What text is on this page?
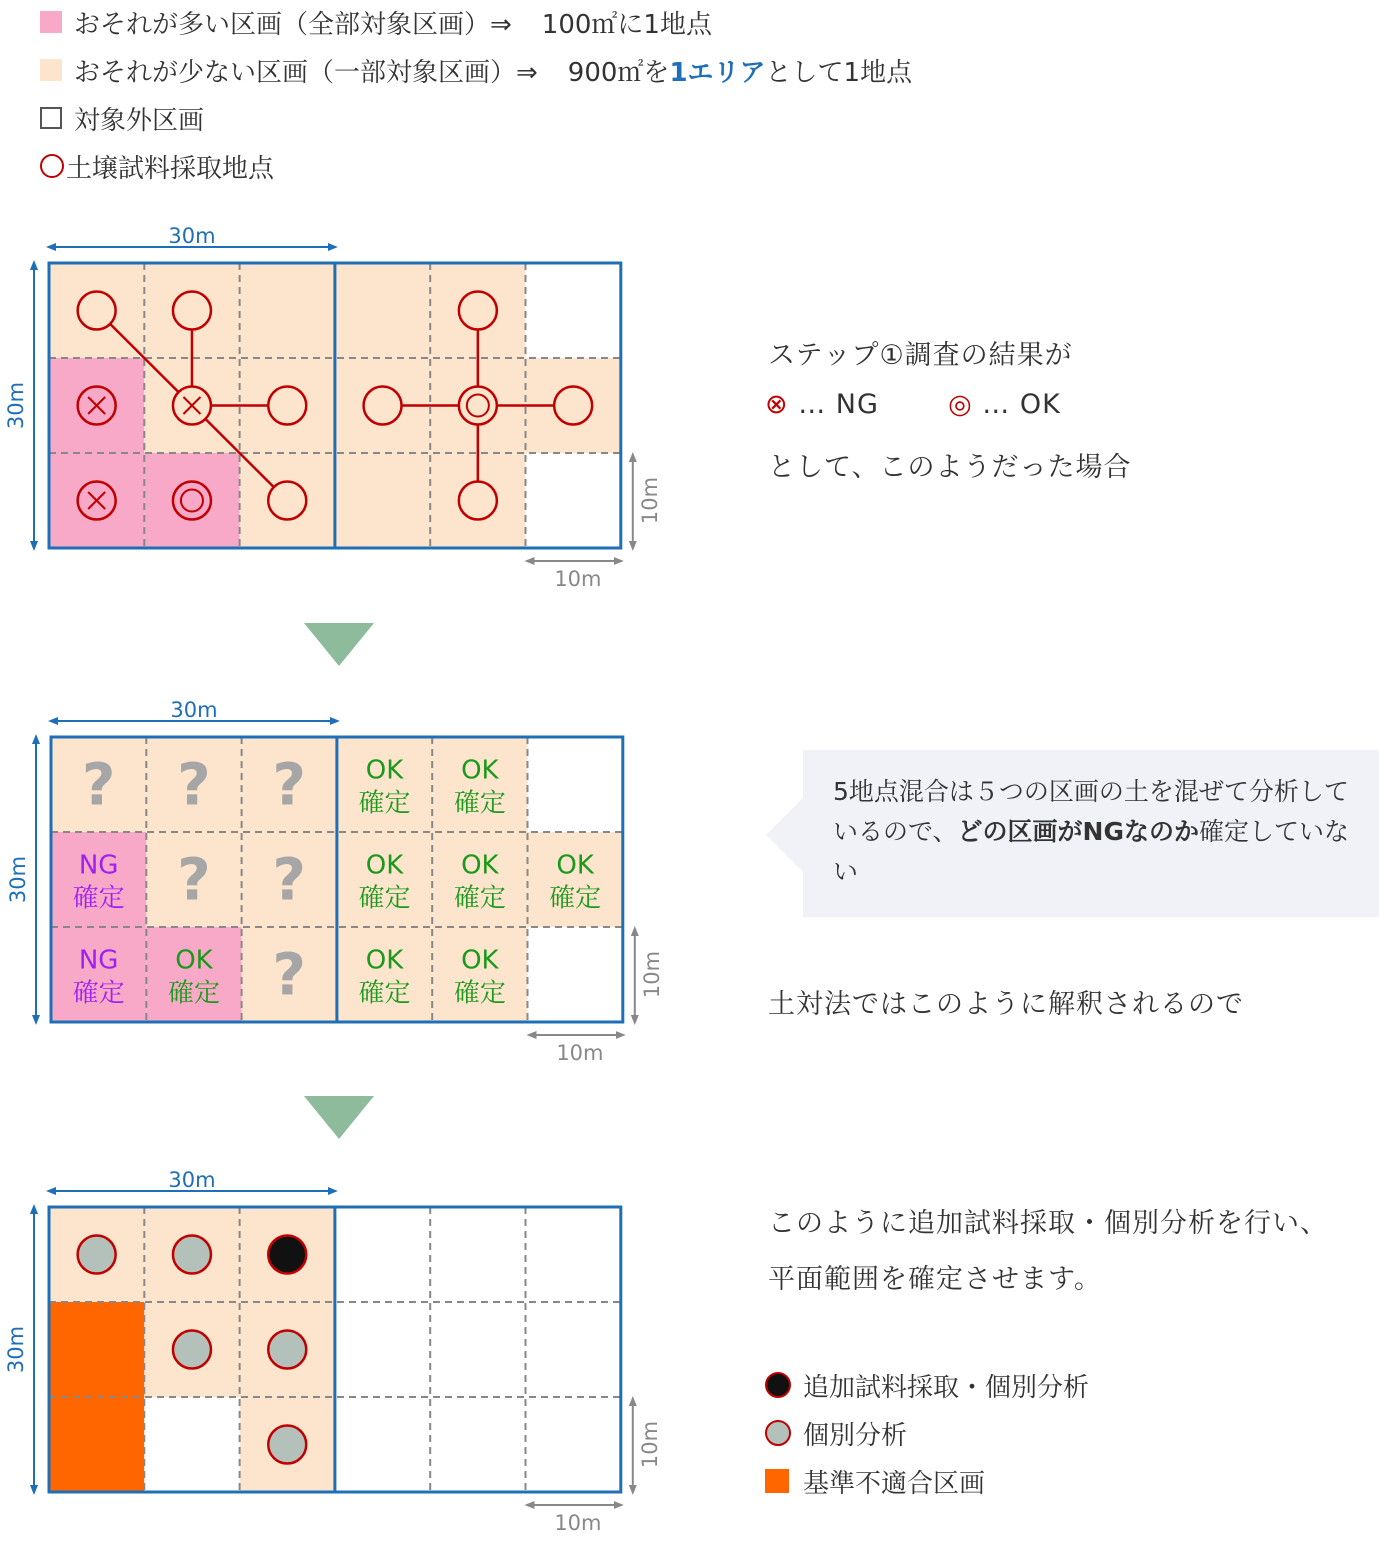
おそれが多い区画（全部対象区画）⇒ 100㎡に1地点
おそれが少ない区画（一部対象区画）⇒ 900㎡を 1エリア として1地点
対象外区画
土壌試料採取地点
30m
30m
10m
10m
30m
30m
10m
10m
? ? ?
? ?
?
OK
確定
OK
確定
OK
確定
OK
確定
OK
確定
OK
確定
OK
確定
OK
確定
NG
確定
NG
確定
30m
30m
10m
10m
ステップ①調査の結果が
⊗ … NG	◎ … OK
として、このようだった場合
5地点混合は５つの区画の土を混ぜて分析しているので、どの区画がNGなのか確定していない
土対法ではこのように解釈されるので
このように追加試料採取・個別分析を行い、
平面範囲を確定させます。
追加試料採取・個別分析
個別分析
基準不適合区画
